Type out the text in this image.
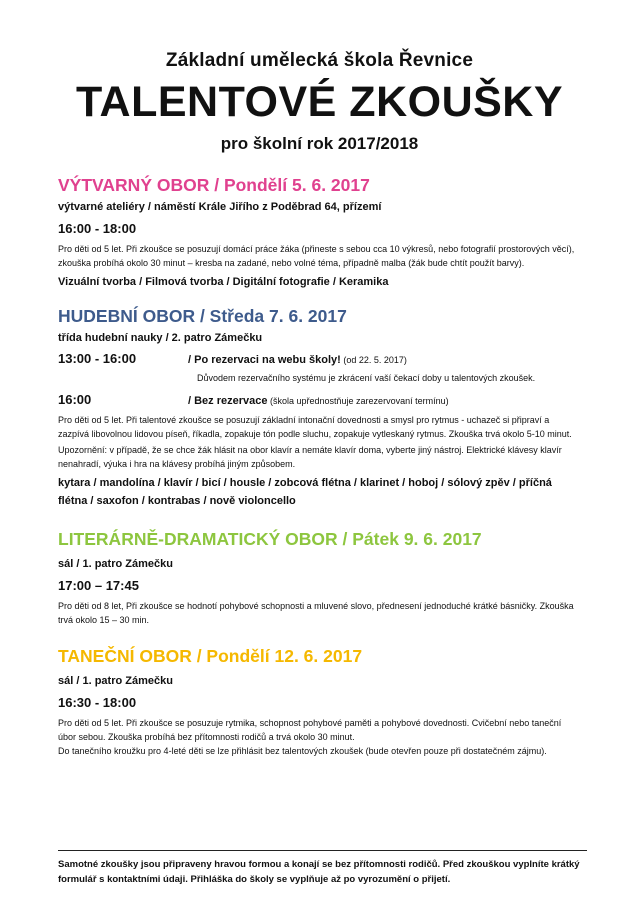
Základní umělecká škola Řevnice

TALENTOVÉ ZKOUŠKY

pro školní rok 2017/2018

VÝTVARNÝ OBOR / Pondělí 5. 6. 2017

výtvarné ateliéry / náměstí Krále Jiřího z Poděbrad 64, přízemí

16:00 - 18:00

Pro děti od 5 let. Při zkoušce se posuzují domácí práce žáka (přineste s sebou cca 10 výkresů, nebo fotografií prostorových věcí), zkouška probíhá okolo 30 minut – kresba na zadané, nebo volné téma, případně malba (žák bude chtít použít barvy).

Vizuální tvorba / Filmová tvorba / Digitální fotografie / Keramika

HUDEBNÍ OBOR / Středa 7. 6. 2017

třída hudební nauky / 2. patro Zámečku

13:00 - 16:00	/ Po rezervaci na webu školy! (od 22. 5. 2017)

Důvodem rezervačního systému je zkrácení vaší čekací doby u talentových zkoušek.

16:00	/ Bez rezervace (škola upřednostňuje zarezervovaní termínu)

Pro děti od 5 let. Při talentové zkoušce se posuzují základní intonační dovednosti a smysl pro rytmus - uchazeč si připraví a zazpívá libovolnou lidovou píseň, říkadla, zopakuje tón podle sluchu, zopakuje vytleskaný rytmus. Zkouška trvá okolo 5-10 minut.

Upozornění: v případě, že se chce žák hlásit na obor klavír a nemáte klavír doma, vyberte jiný nástroj. Elektrické klávesy klavír nenahradí, výuka i hra na klávesy probíhá jiným způsobem.

kytara / mandolína / klavír / bicí / housle / zobcová flétna / klarinet / hoboj / sólový zpěv / příčná flétna / saxofon / kontrabas / nově violoncello

LITERÁRNĚ-DRAMATICKÝ OBOR / Pátek 9. 6. 2017

sál / 1. patro Zámečku

17:00 – 17:45

Pro děti od 8 let, Při zkoušce se hodnotí pohybové schopnosti a mluvené slovo, přednesení jednoduché krátké básničky. Zkouška trvá okolo 15 – 30 min.

TANEČNÍ OBOR / Pondělí 12. 6. 2017

sál / 1. patro Zámečku

16:30 - 18:00

Pro děti od 5 let. Při zkoušce se posuzuje rytmika, schopnost pohybové paměti a pohybové dovednosti. Cvičební nebo taneční úbor sebou. Zkouška probíhá bez přítomnosti rodičů a trvá okolo 30 minut.

Do tanečního kroužku pro 4-leté děti se lze přihlásit bez talentových zkoušek (bude otevřen pouze při dostatečném zájmu).

Samotné zkoušky jsou připraveny hravou formou a konají se bez přítomnosti rodičů. Před zkouškou vyplníte krátký formulář s kontaktními údaji. Přihláška do školy se vyplňuje až po vyrozumění o přijetí.
